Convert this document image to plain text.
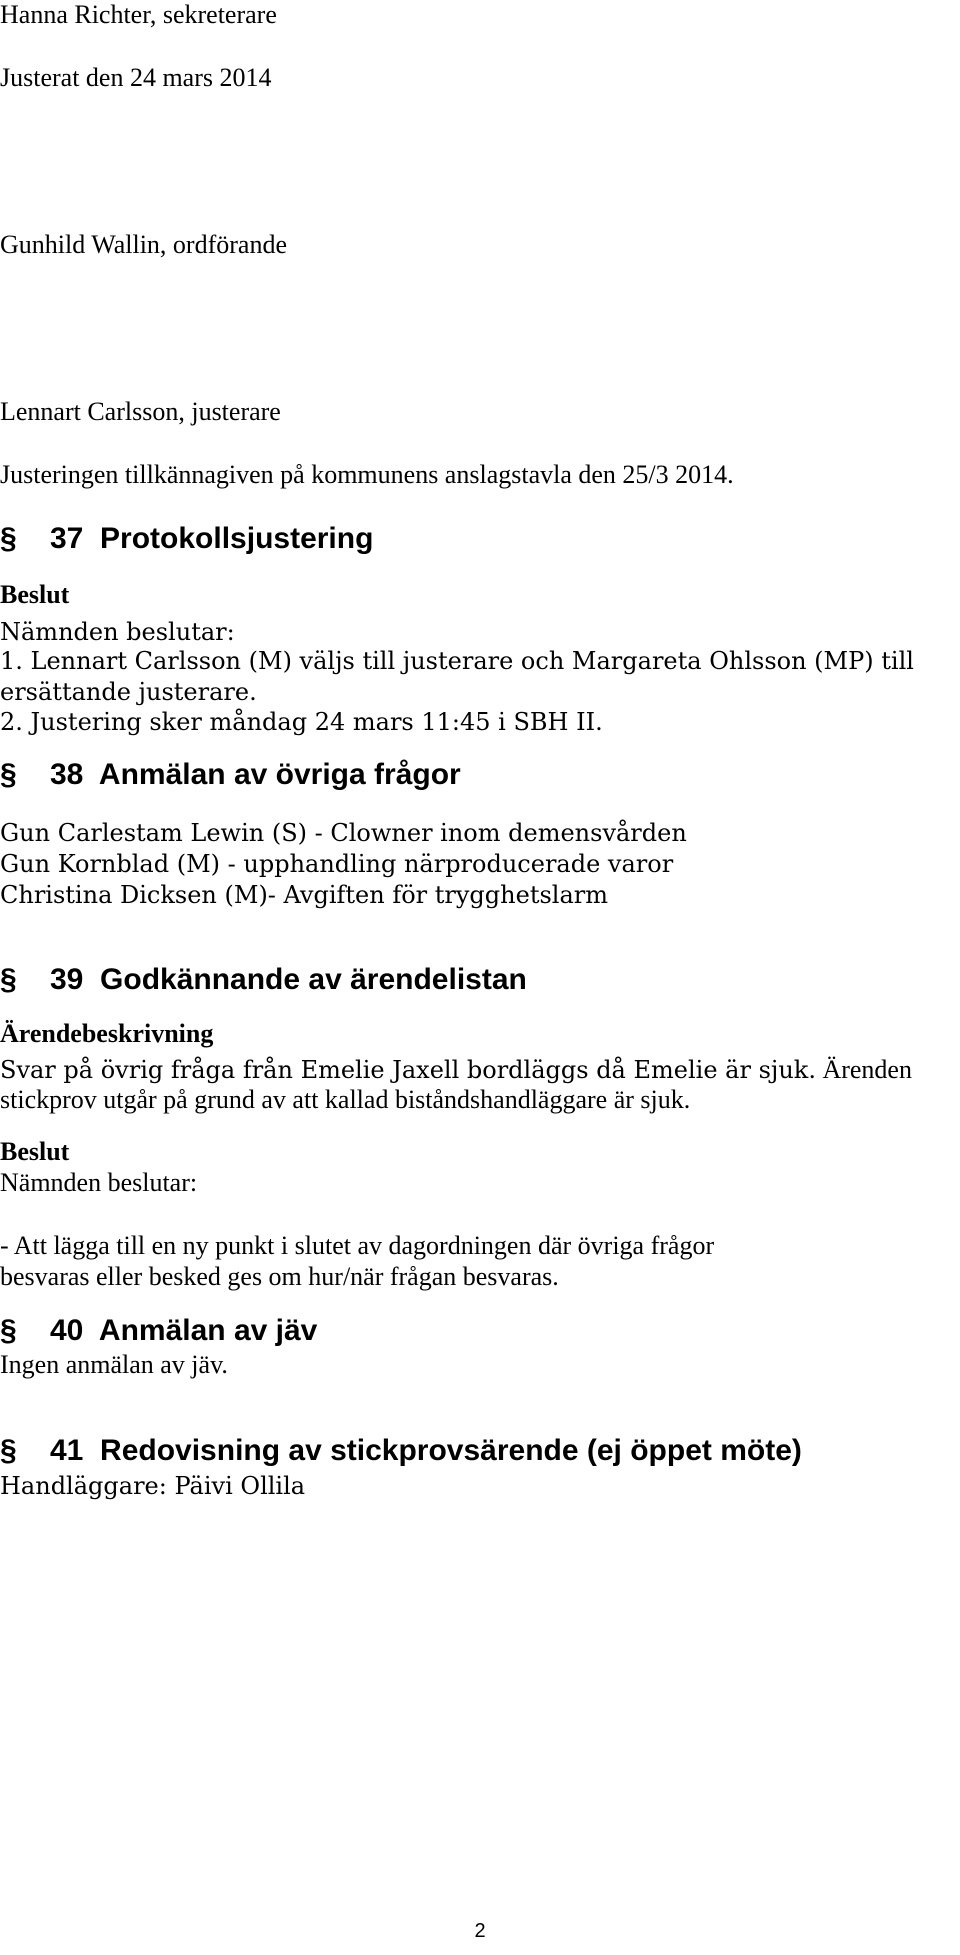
Hanna Richter, sekreterare
Justerat den 24 mars 2014
Gunhild Wallin, ordförande
Lennart Carlsson, justerare
Justeringen tillkännagiven på kommunens anslagstavla den 25/3 2014.
§	37  Protokollsjustering
Beslut
Nämnden beslutar:
1. Lennart Carlsson (M) väljs till justerare och Margareta Ohlsson (MP) till
ersättande justerare.
2. Justering sker måndag 24 mars 11:45 i SBH II.
§	38  Anmälan av övriga frågor
Gun Carlestam Lewin (S) - Clowner inom demensvården
Gun Kornblad (M) - upphandling närproducerade varor
Christina Dicksen (M)- Avgiften för trygghetslarm
§	39  Godkännande av ärendelistan
Ärendebeskrivning
Svar på övrig fråga från Emelie Jaxell bordläggs då Emelie är sjuk. Ärenden
stickprov utgår på grund av att kallad biståndshandläggare är sjuk.
Beslut
Nämnden beslutar:
- Att lägga till en ny punkt i slutet av dagordningen där övriga frågor
besvaras eller besked ges om hur/när frågan besvaras.
§	40  Anmälan av jäv
Ingen anmälan av jäv.
§	41  Redovisning av stickprovsärende (ej öppet möte)
Handläggare: Päivi Ollila
2
